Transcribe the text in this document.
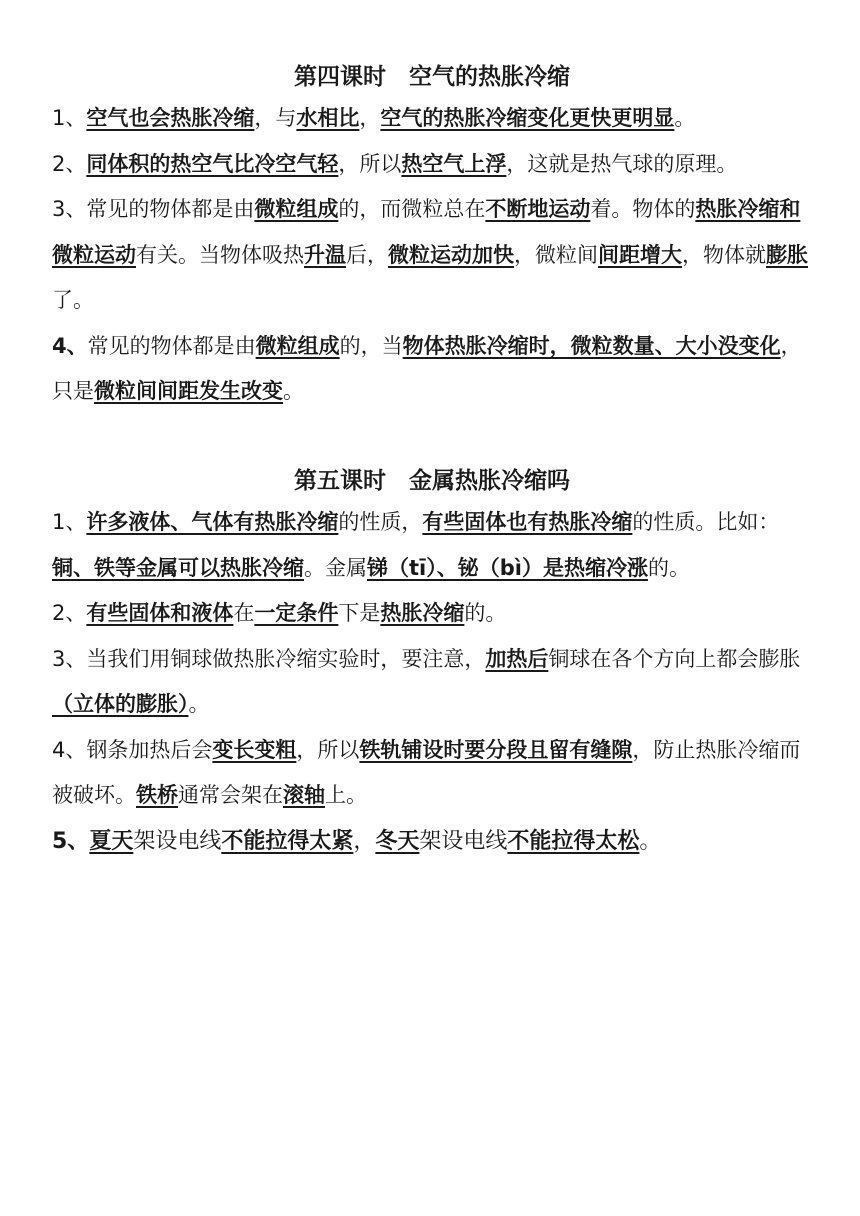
第四课时　空气的热胀冷缩

1、空气也会热胀冷缩，与水相比，空气的热胀冷缩变化更快更明显。

2、同体积的热空气比冷空气轻，所以热空气上浮，这就是热气球的原理。

3、常见的物体都是由微粒组成的，而微粒总在不断地运动着。物体的热胀冷缩和微粒运动有关。当物体吸热升温后，微粒运动加快，微粒间间距增大，物体就膨胀了。

4、常见的物体都是由微粒组成的，当物体热胀冷缩时，微粒数量、大小没变化，只是微粒间间距发生改变。

第五课时　金属热胀冷缩吗

1、许多液体、气体有热胀冷缩的性质，有些固体也有热胀冷缩的性质。比如：铜、铁等金属可以热胀冷缩。金属锑（tī）、铋（bì）是热缩冷涨的。

2、有些固体和液体在一定条件下是热胀冷缩的。

3、当我们用铜球做热胀冷缩实验时，要注意，加热后铜球在各个方向上都会膨胀（立体的膨胀）。

4、钢条加热后会变长变粗，所以铁轨铺设时要分段且留有缝隙，防止热胀冷缩而被破坏。铁桥通常会架在滚轴上。

5、夏天架设电线不能拉得太紧，冬天架设电线不能拉得太松。
